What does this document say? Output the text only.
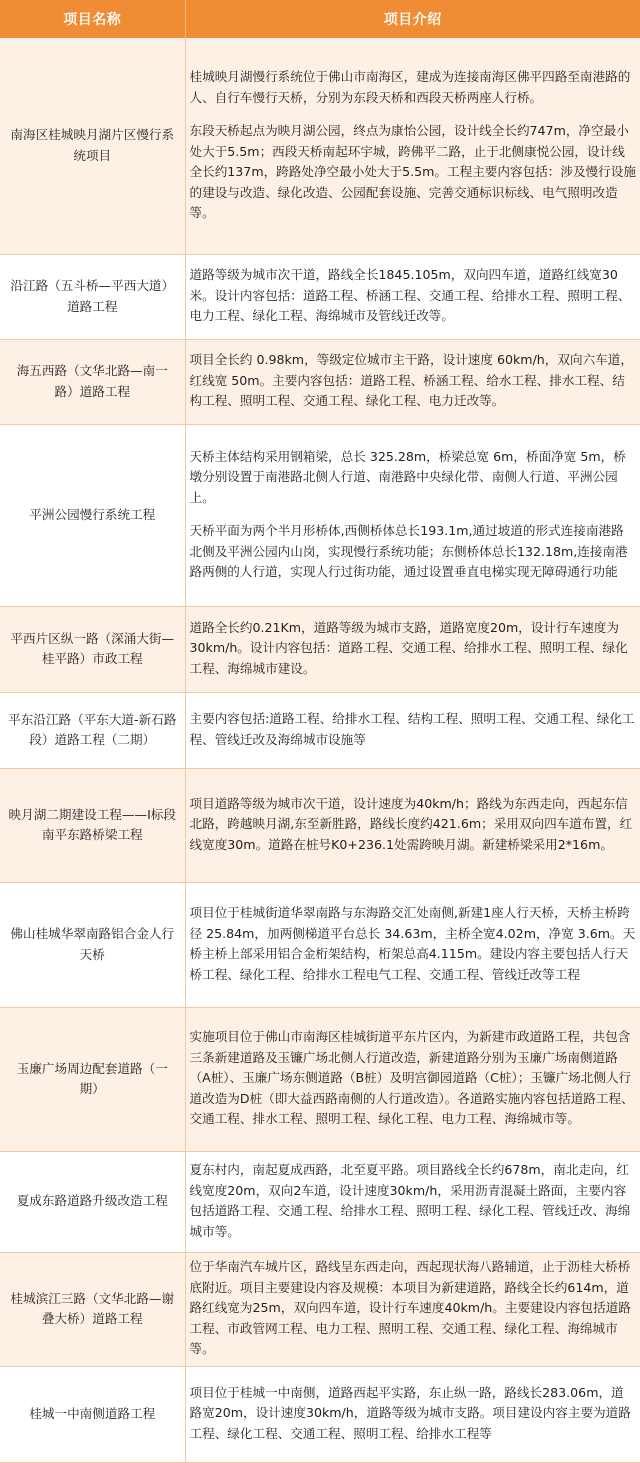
项目名称	项目介绍
南海区桂城映月湖片区慢行系统项目	桂城映月湖慢行系统位于佛山市南海区，建成为连接南海区佛平四路至南港路的人、自行车慢行天桥，分别为东段天桥和西段天桥两座人行桥。

东段天桥起点为映月湖公园，终点为康怡公园，设计线全长约747m，净空最小处大于5.5m；西段天桥南起环宇城，跨佛平二路，止于北侧康悦公园，设计线全长约137m，跨路处净空最小处大于5.5m。工程主要内容包括：涉及慢行设施的建设与改造、绿化改造、公园配套设施、完善交通标识标线、电气照明改造等。

沿江路（五斗桥—平西大道）道路工程	道路等级为城市次干道，路线全长1845.105m，双向四车道，道路红线宽30米。设计内容包括：道路工程、桥涵工程、交通工程、给排水工程、照明工程、电力工程、绿化工程、海绵城市及管线迁改等。

海五西路（文华北路—南一路）道路工程	项目全长约 0.98km，等级定位城市主干路，设计速度 60km/h，双向六车道，红线宽 50m。主要内容包括：道路工程、桥涵工程、给水工程、排水工程、结构工程、照明工程、交通工程、绿化工程、电力迁改等。

平洲公园慢行系统工程	天桥主体结构采用钢箱梁，总长 325.28m，桥梁总宽 6m，桥面净宽 5m，桥墩分别设置于南港路北侧人行道、南港路中央绿化带、南侧人行道、平洲公园上。

天桥平面为两个半月形桥体,西侧桥体总长193.1m,通过坡道的形式连接南港路北侧及平洲公园内山岗，实现慢行系统功能；东侧桥体总长132.18m,连接南港路两侧的人行道，实现人行过街功能，通过设置垂直电梯实现无障碍通行功能

平西片区纵一路（深涌大街—桂平路）市政工程	道路全长约0.21Km，道路等级为城市支路，道路宽度20m，设计行车速度为30km/h。设计内容包括：道路工程、交通工程、给排水工程、照明工程、绿化工程、海绵城市建设。

平东沿江路（平东大道-新石路段）道路工程（二期）	主要内容包括:道路工程、给排水工程、结构工程、照明工程、交通工程、绿化工程、管线迁改及海绵城市设施等

映月湖二期建设工程——Ⅰ标段南平东路桥梁工程	项目道路等级为城市次干道，设计速度为40km/h；路线为东西走向，西起东信北路，跨越映月湖,东至新胜路，路线长度约421.6m；采用双向四车道布置，红线宽度30m。道路在桩号K0+236.1处需跨映月湖。新建桥梁采用2*16m。

佛山桂城华翠南路铝合金人行天桥	项目位于桂城街道华翠南路与东海路交汇处南侧,新建1座人行天桥，天桥主桥跨径 25.84m，加两侧梯道平台总长 34.63m，主桥全宽4.02m，净宽 3.6m。天桥主桥上部采用铝合金桁架结构，桁架总高4.115m。建设内容主要包括人行天桥工程、绿化工程、给排水工程电气工程、交通工程、管线迁改等工程

玉廉广场周边配套道路（一期）	实施项目位于佛山市南海区桂城街道平东片区内，为新建市政道路工程，共包含三条新建道路及玉镰广场北侧人行道改造，新建道路分别为玉廉广场南侧道路（A桩）、玉廉广场东侧道路（B桩）及明宫御园道路（C桩）；玉镰广场北侧人行道改造为D桩（即大益西路南侧的人行道改造）。各道路实施内容包括道路工程、交通工程、排水工程、照明工程、绿化工程、电力工程、海绵城市等。

夏成东路道路升级改造工程	夏东村内，南起夏成西路，北至夏平路。项目路线全长约678m，南北走向，红线宽度20m，双向2车道，设计速度30km/h，采用沥青混凝土路面，主要内容包括道路工程、交通工程、给排水工程、照明工程、绿化工程、管线迁改、海绵城市等。

桂城滨江三路（文华北路—谢叠大桥）道路工程	位于华南汽车城片区，路线呈东西走向，西起现状海八路辅道，止于沥桂大桥桥底附近。项目主要建设内容及规模：本项目为新建道路，路线全长约614m，道路红线宽为25m，双向四车道，设计行车速度40km/h。主要建设内容包括道路工程、市政管网工程、电力工程、照明工程、交通工程、绿化工程、海绵城市等。

桂城一中南侧道路工程	项目位于桂城一中南侧，道路西起平实路，东止纵一路，路线长283.06m，道路宽20m，设计速度30km/h，道路等级为城市支路。项目建设内容主要为道路工程、绿化工程、交通工程、照明工程、给排水工程等
